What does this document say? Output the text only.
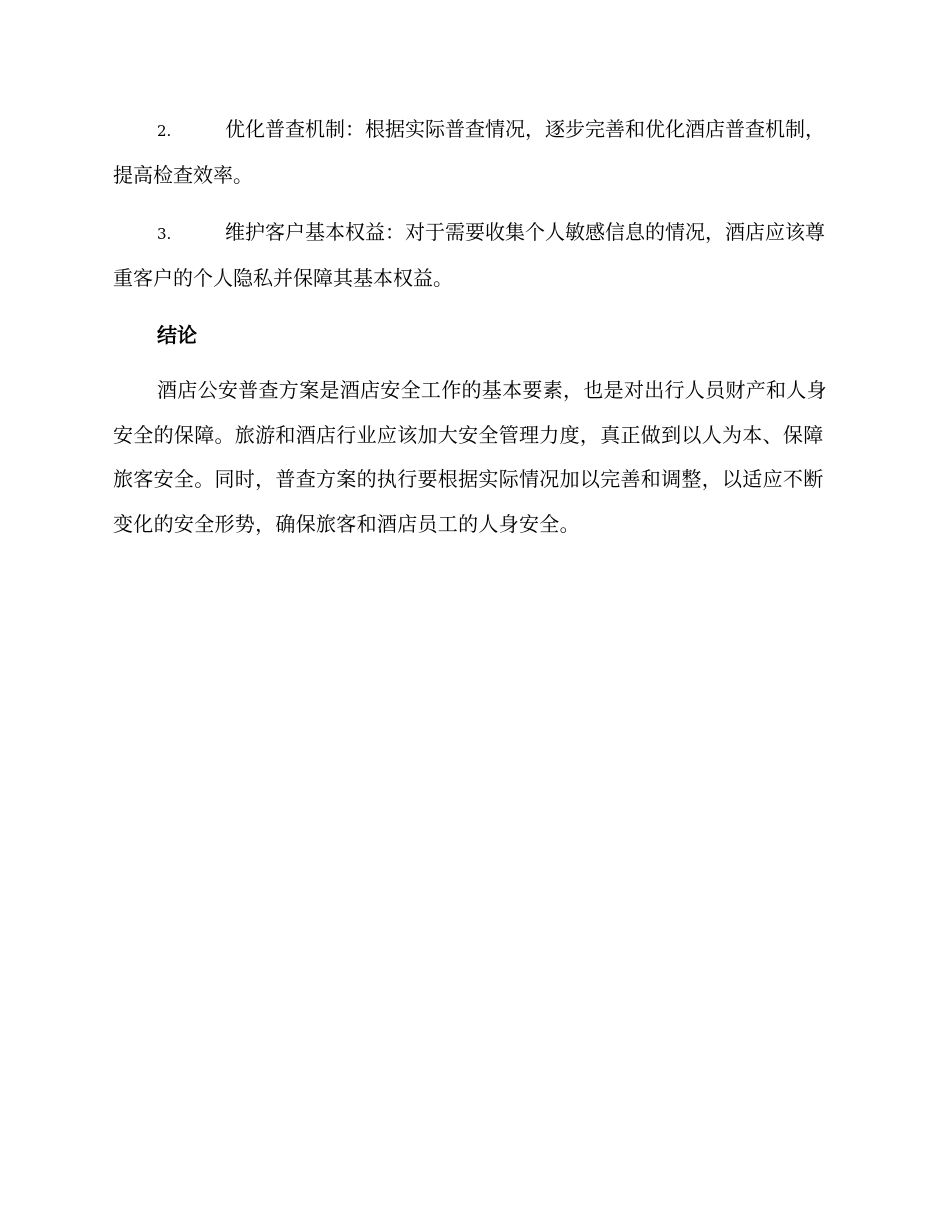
2.	优化普查机制：根据实际普查情况，逐步完善和优化酒店普查机制，提高检查效率。

3.	维护客户基本权益：对于需要收集个人敏感信息的情况，酒店应该尊重客户的个人隐私并保障其基本权益。

结论

酒店公安普查方案是酒店安全工作的基本要素，也是对出行人员财产和人身安全的保障。旅游和酒店行业应该加大安全管理力度，真正做到以人为本、保障旅客安全。同时，普查方案的执行要根据实际情况加以完善和调整，以适应不断变化的安全形势，确保旅客和酒店员工的人身安全。
